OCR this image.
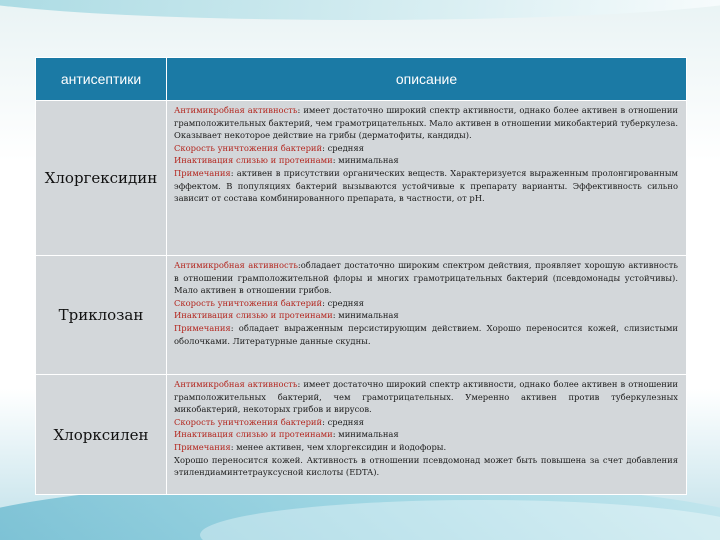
антисептики	описание
Хлоргексидин	Антимикробная активность: имеет достаточно широкий спектр активности, однако более активен в отношении грамположительных бактерий, чем грамотрицательных. Мало активен в отношении микобактерий туберкулеза. Оказывает некоторое действие на грибы (дерматофиты, кандиды).
Скорость уничтожения бактерий: средняя
Инактивация слизью и протеинами: минимальная
Примечания: активен в присутствии органических веществ. Характеризуется выраженным пролонгированным эффектом. В популяциях бактерий вызываются устойчивые к препарату варианты. Эффективность сильно зависит от состава комбинированного препарата, в частности, от pH.

Триклозан	Антимикробная активность:обладает достаточно широким спектром действия, проявляет хорошую активность в отношении грамположительной флоры и многих грамотрицательных бактерий (псевдомонады устойчивы). Мало активен в отношении грибов.
Скорость уничтожения бактерий: средняя
Инактивация слизью и протеинами: минимальная
Примечания: обладает выраженным персистирующим действием. Хорошо переносится кожей, слизистыми оболочками. Литературные данные скудны.

Хлорксилен	Антимикробная активность: имеет достаточно широкий спектр активности, однако более активен в отношении грамположительных бактерий, чем грамотрицательных. Умеренно активен против туберкулезных микобактерий, некоторых грибов и вирусов.
Скорость уничтожения бактерий: средняя
Инактивация слизью и протеинами: минимальная
Примечания: менее активен, чем хлоргексидин и йодофоры.
Хорошо переносится кожей. Активность в отношении псевдомонад может быть повышена за счет добавления этилендиаминтетрауксусной кислоты (EDTA).
